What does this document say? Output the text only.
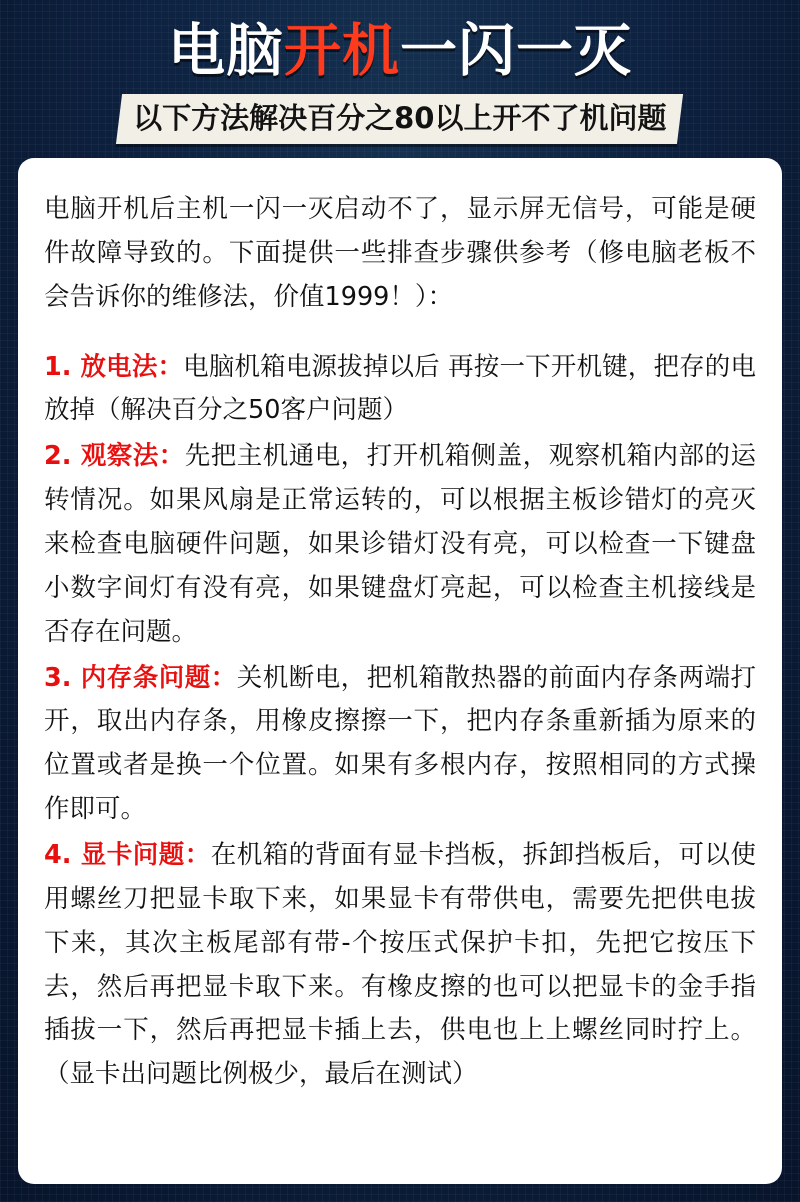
电脑开机一闪一灭
以下方法解决百分之80以上开不了机问题

电脑开机后主机一闪一灭启动不了，显示屏无信号，可能是硬件故障导致的。下面提供一些排查步骤供参考（修电脑老板不会告诉你的维修法，价值1999！）：

1. 放电法：电脑机箱电源拔掉以后 再按一下开机键，把存的电放掉（解决百分之50客户问题）

2. 观察法：先把主机通电，打开机箱侧盖，观察机箱内部的运转情况。如果风扇是正常运转的，可以根据主板诊错灯的亮灭来检查电脑硬件问题，如果诊错灯没有亮，可以检查一下键盘小数字间灯有没有亮，如果键盘灯亮起，可以检查主机接线是否存在问题。

3. 内存条问题：关机断电，把机箱散热器的前面内存条两端打开，取出内存条，用橡皮擦擦一下，把内存条重新插为原来的位置或者是换一个位置。如果有多根内存，按照相同的方式操作即可。

4. 显卡问题：在机箱的背面有显卡挡板，拆卸挡板后，可以使用螺丝刀把显卡取下来，如果显卡有带供电，需要先把供电拔下来，其次主板尾部有带-个按压式保护卡扣，先把它按压下去，然后再把显卡取下来。有橡皮擦的也可以把显卡的金手指插拔一下，然后再把显卡插上去，供电也上上螺丝同时拧上。（显卡出问题比例极少，最后在测试）
